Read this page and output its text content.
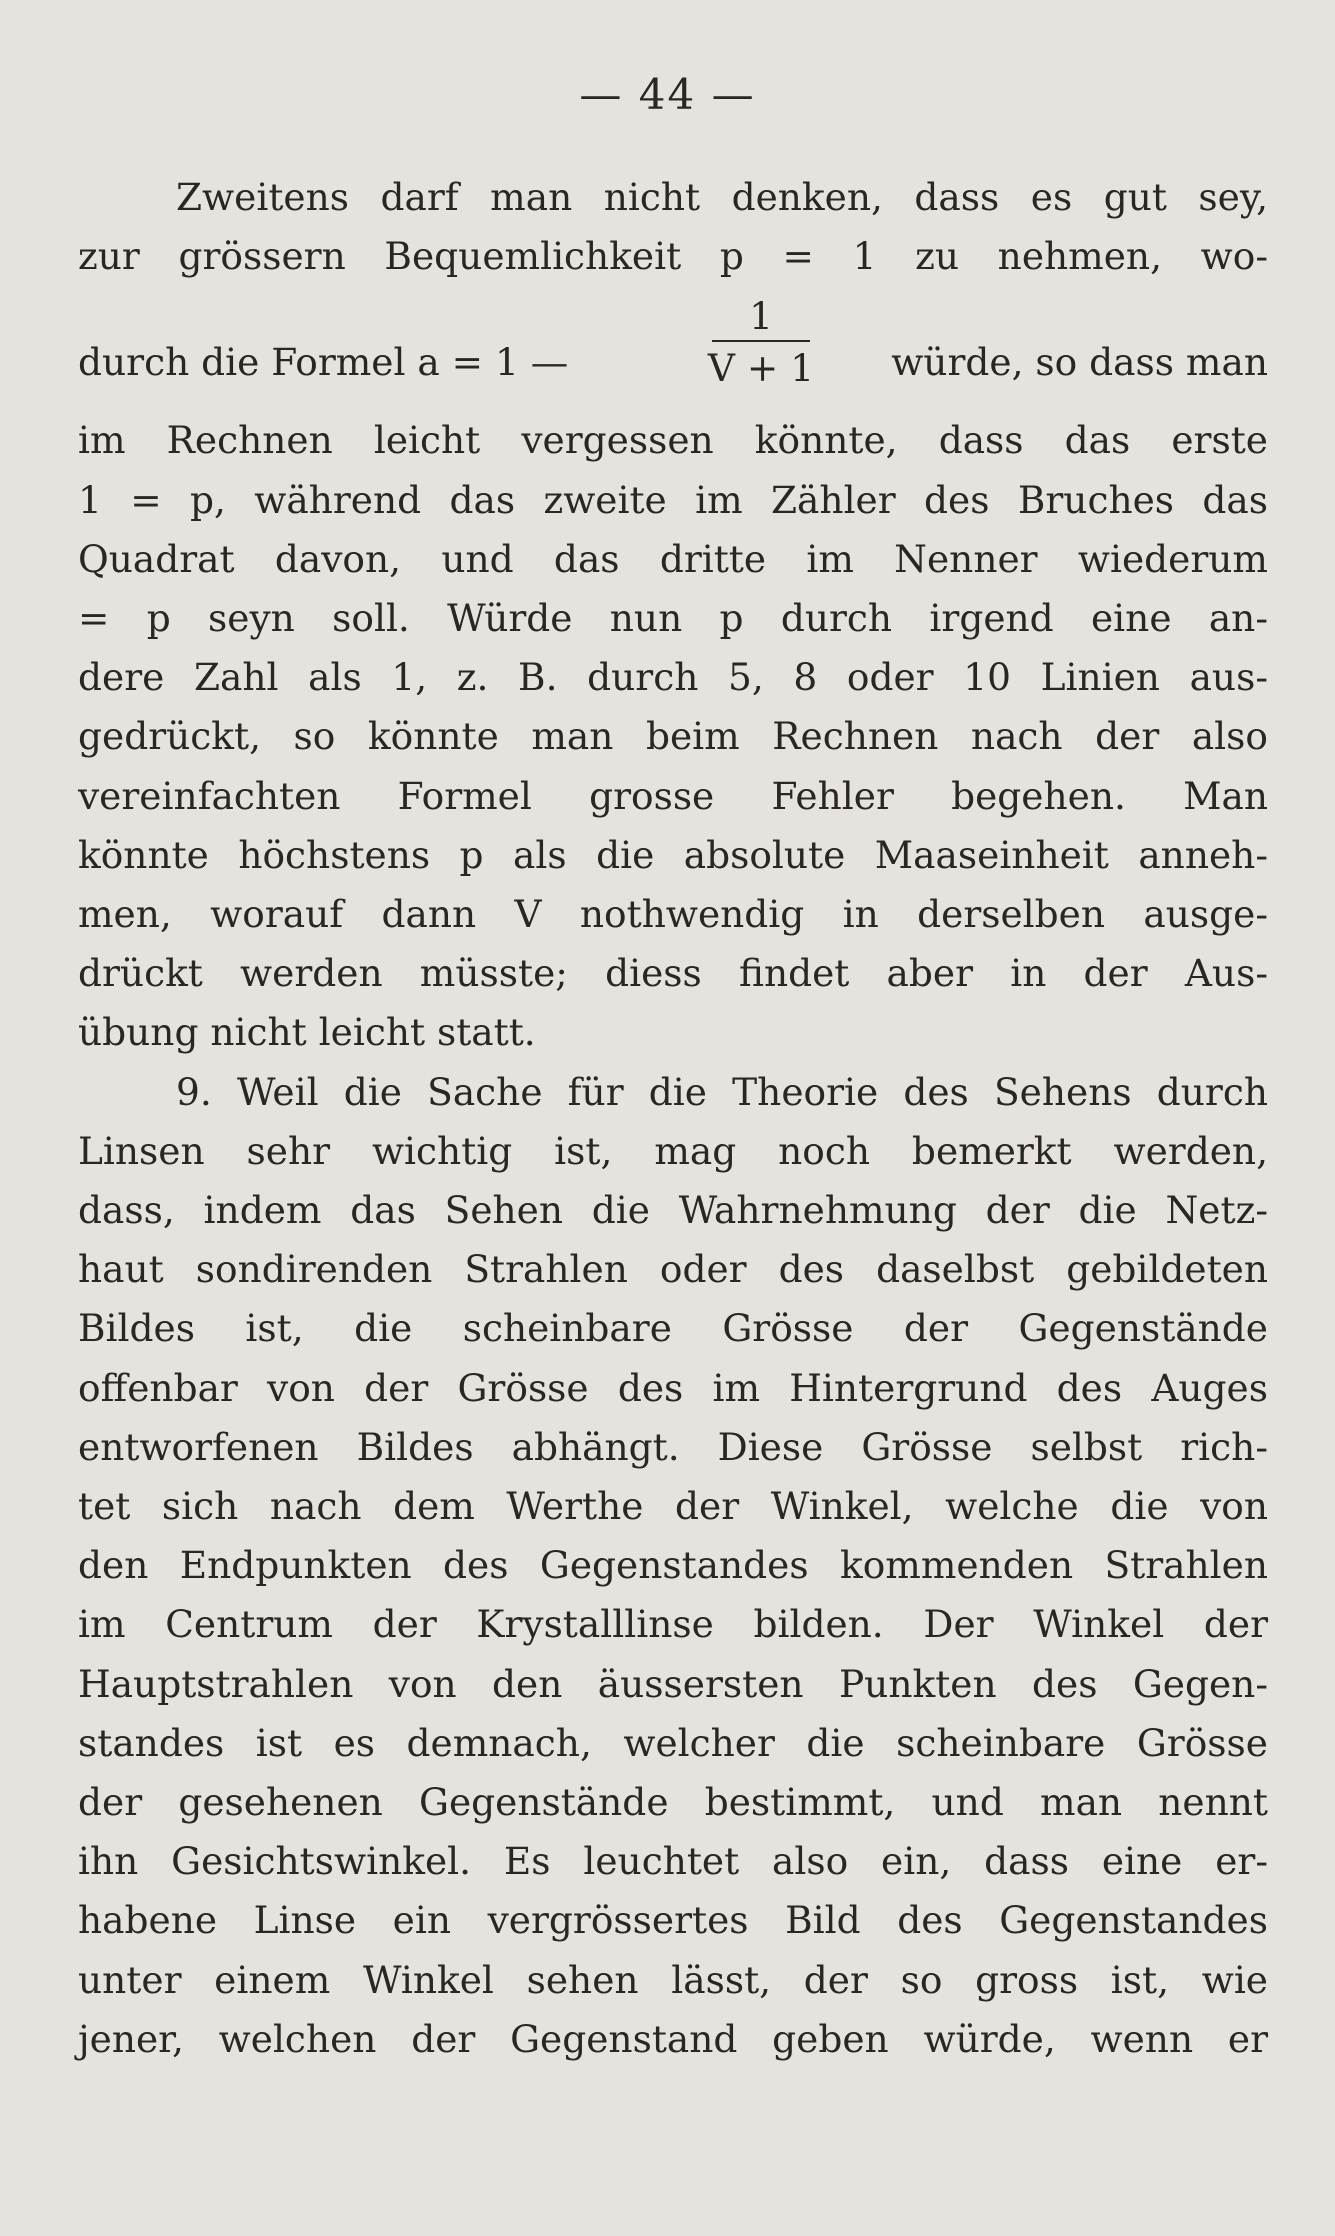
— 44 —
Zweitens darf man nicht denken, dass es gut sey,
zur grössern Bequemlichkeit p = 1 zu nehmen, wo-
durch die Formel a = 1 —
1
V + 1 würde, so dass man
im Rechnen leicht vergessen könnte, dass das erste
1 = p, während das zweite im Zähler des Bruches das
Quadrat davon, und das dritte im Nenner wiederum
= p seyn soll. Würde nun p durch irgend eine an-
dere Zahl als 1, z. B. durch 5, 8 oder 10 Linien aus-
gedrückt, so könnte man beim Rechnen nach der also
vereinfachten Formel grosse Fehler begehen. Man
könnte höchstens p als die absolute Maaseinheit anneh-
men, worauf dann V nothwendig in derselben ausge-
drückt werden müsste; diess findet aber in der Aus-
übung nicht leicht statt.
9. Weil die Sache für die Theorie des Sehens durch
Linsen sehr wichtig ist, mag noch bemerkt werden,
dass, indem das Sehen die Wahrnehmung der die Netz-
haut sondirenden Strahlen oder des daselbst gebildeten
Bildes ist, die scheinbare Grösse der Gegenstände
offenbar von der Grösse des im Hintergrund des Auges
entworfenen Bildes abhängt. Diese Grösse selbst rich-
tet sich nach dem Werthe der Winkel, welche die von
den Endpunkten des Gegenstandes kommenden Strahlen
im Centrum der Krystalllinse bilden. Der Winkel der
Hauptstrahlen von den äussersten Punkten des Gegen-
standes ist es demnach, welcher die scheinbare Grösse
der gesehenen Gegenstände bestimmt, und man nennt
ihn Gesichtswinkel. Es leuchtet also ein, dass eine er-
habene Linse ein vergrössertes Bild des Gegenstandes
unter einem Winkel sehen lässt, der so gross ist, wie
jener, welchen der Gegenstand geben würde, wenn er
